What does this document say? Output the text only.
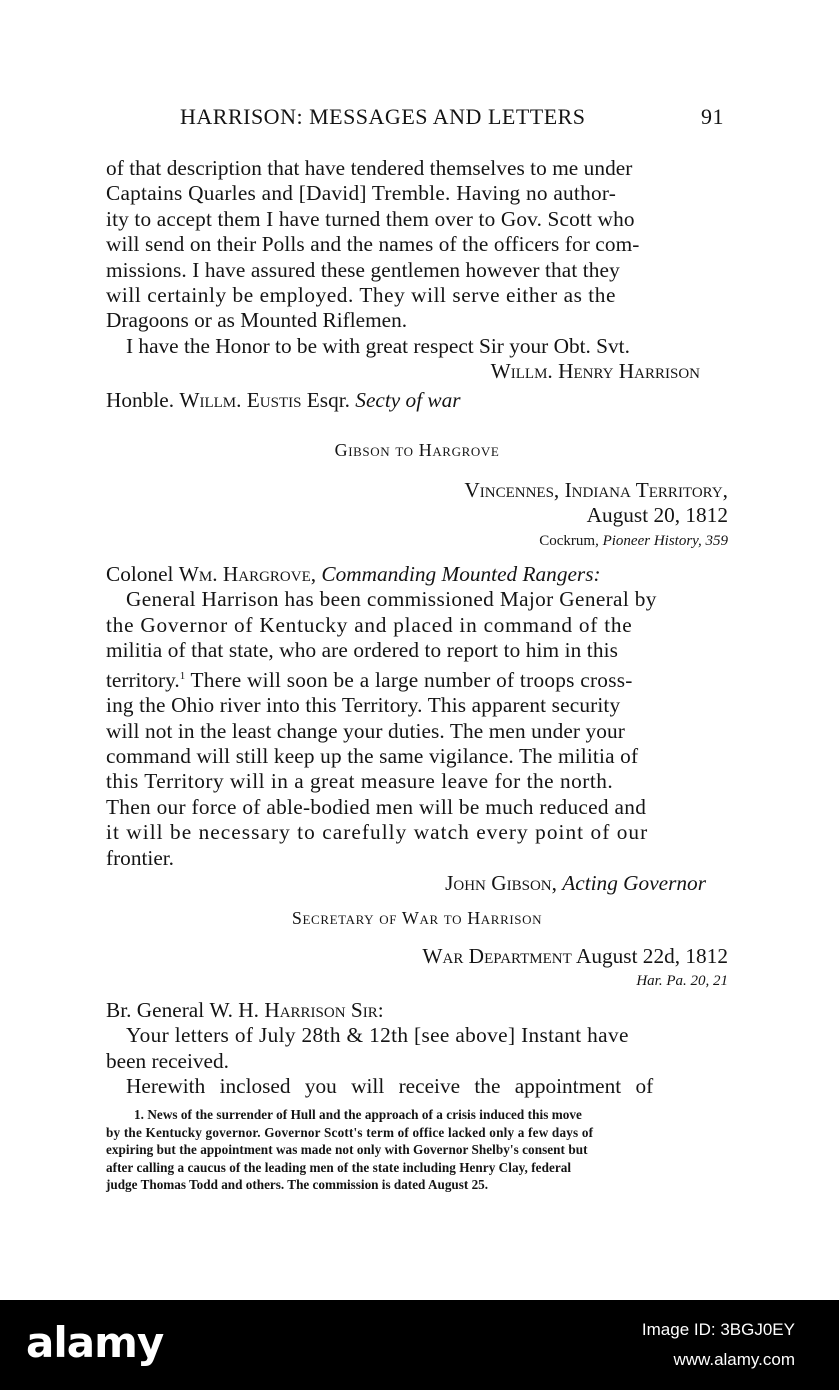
HARRISON: MESSAGES AND LETTERS	91
of that description that have tendered themselves to me under
Captains Quarles and [David] Tremble. Having no author-
ity to accept them I have turned them over to Gov. Scott who
will send on their Polls and the names of the officers for com-
missions. I have assured these gentlemen however that they
will certainly be employed. They will serve either as the
Dragoons or as Mounted Riflemen.
I have the Honor to be with great respect Sir your Obt. Svt.
Willm. Henry Harrison
Honble. Willm. Eustis Esqr. Secty of war
Gibson to Hargrove
Vincennes, Indiana Territory,
August 20, 1812
Cockrum, Pioneer History, 359
Colonel Wm. Hargrove, Commanding Mounted Rangers:
General Harrison has been commissioned Major General by
the Governor of Kentucky and placed in command of the
militia of that state, who are ordered to report to him in this
territory.$^1$ There will soon be a large number of troops cross-
ing the Ohio river into this Territory. This apparent security
will not in the least change your duties. The men under your
command will still keep up the same vigilance. The militia of
this Territory will in a great measure leave for the north.
Then our force of able-bodied men will be much reduced and
it will be necessary to carefully watch every point of our
frontier.
John Gibson, Acting Governor
Secretary of War to Harrison
War Department August 22d, 1812
Har. Pa. 20, 21
Br. General W. H. Harrison Sir:
Your letters of July 28th & 12th [see above] Instant have
been received.
Herewith inclosed you will receive the appointment of
1. News of the surrender of Hull and the approach of a crisis induced this move
by the Kentucky governor. Governor Scott's term of office lacked only a few days of
expiring but the appointment was made not only with Governor Shelby's consent but
after calling a caucus of the leading men of the state including Henry Clay, federal
judge Thomas Todd and others. The commission is dated August 25.
alamy	Image ID: 3BGJ0EY
www.alamy.com
